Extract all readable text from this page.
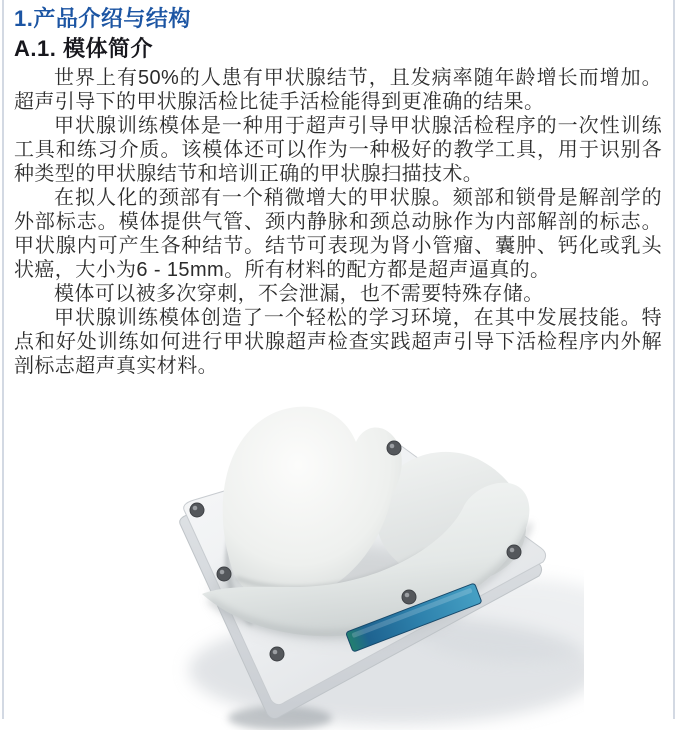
1.产品介绍与结构
A.1. 模体简介

世界上有50%的人患有甲状腺结节，且发病率随年龄增长而增加。超声引导下的甲状腺活检比徒手活检能得到更准确的结果。

甲状腺训练模体是一种用于超声引导甲状腺活检程序的一次性训练工具和练习介质。该模体还可以作为一种极好的教学工具，用于识别各种类型的甲状腺结节和培训正确的甲状腺扫描技术。

在拟人化的颈部有一个稍微增大的甲状腺。颏部和锁骨是解剖学的外部标志。模体提供气管、颈内静脉和颈总动脉作为内部解剖的标志。甲状腺内可产生各种结节。结节可表现为肾小管瘤、囊肿、钙化或乳头状癌，大小为6 - 15mm。所有材料的配方都是超声逼真的。

模体可以被多次穿刺，不会泄漏，也不需要特殊存储。

甲状腺训练模体创造了一个轻松的学习环境，在其中发展技能。特点和好处训练如何进行甲状腺超声检查实践超声引导下活检程序内外解剖标志超声真实材料。
